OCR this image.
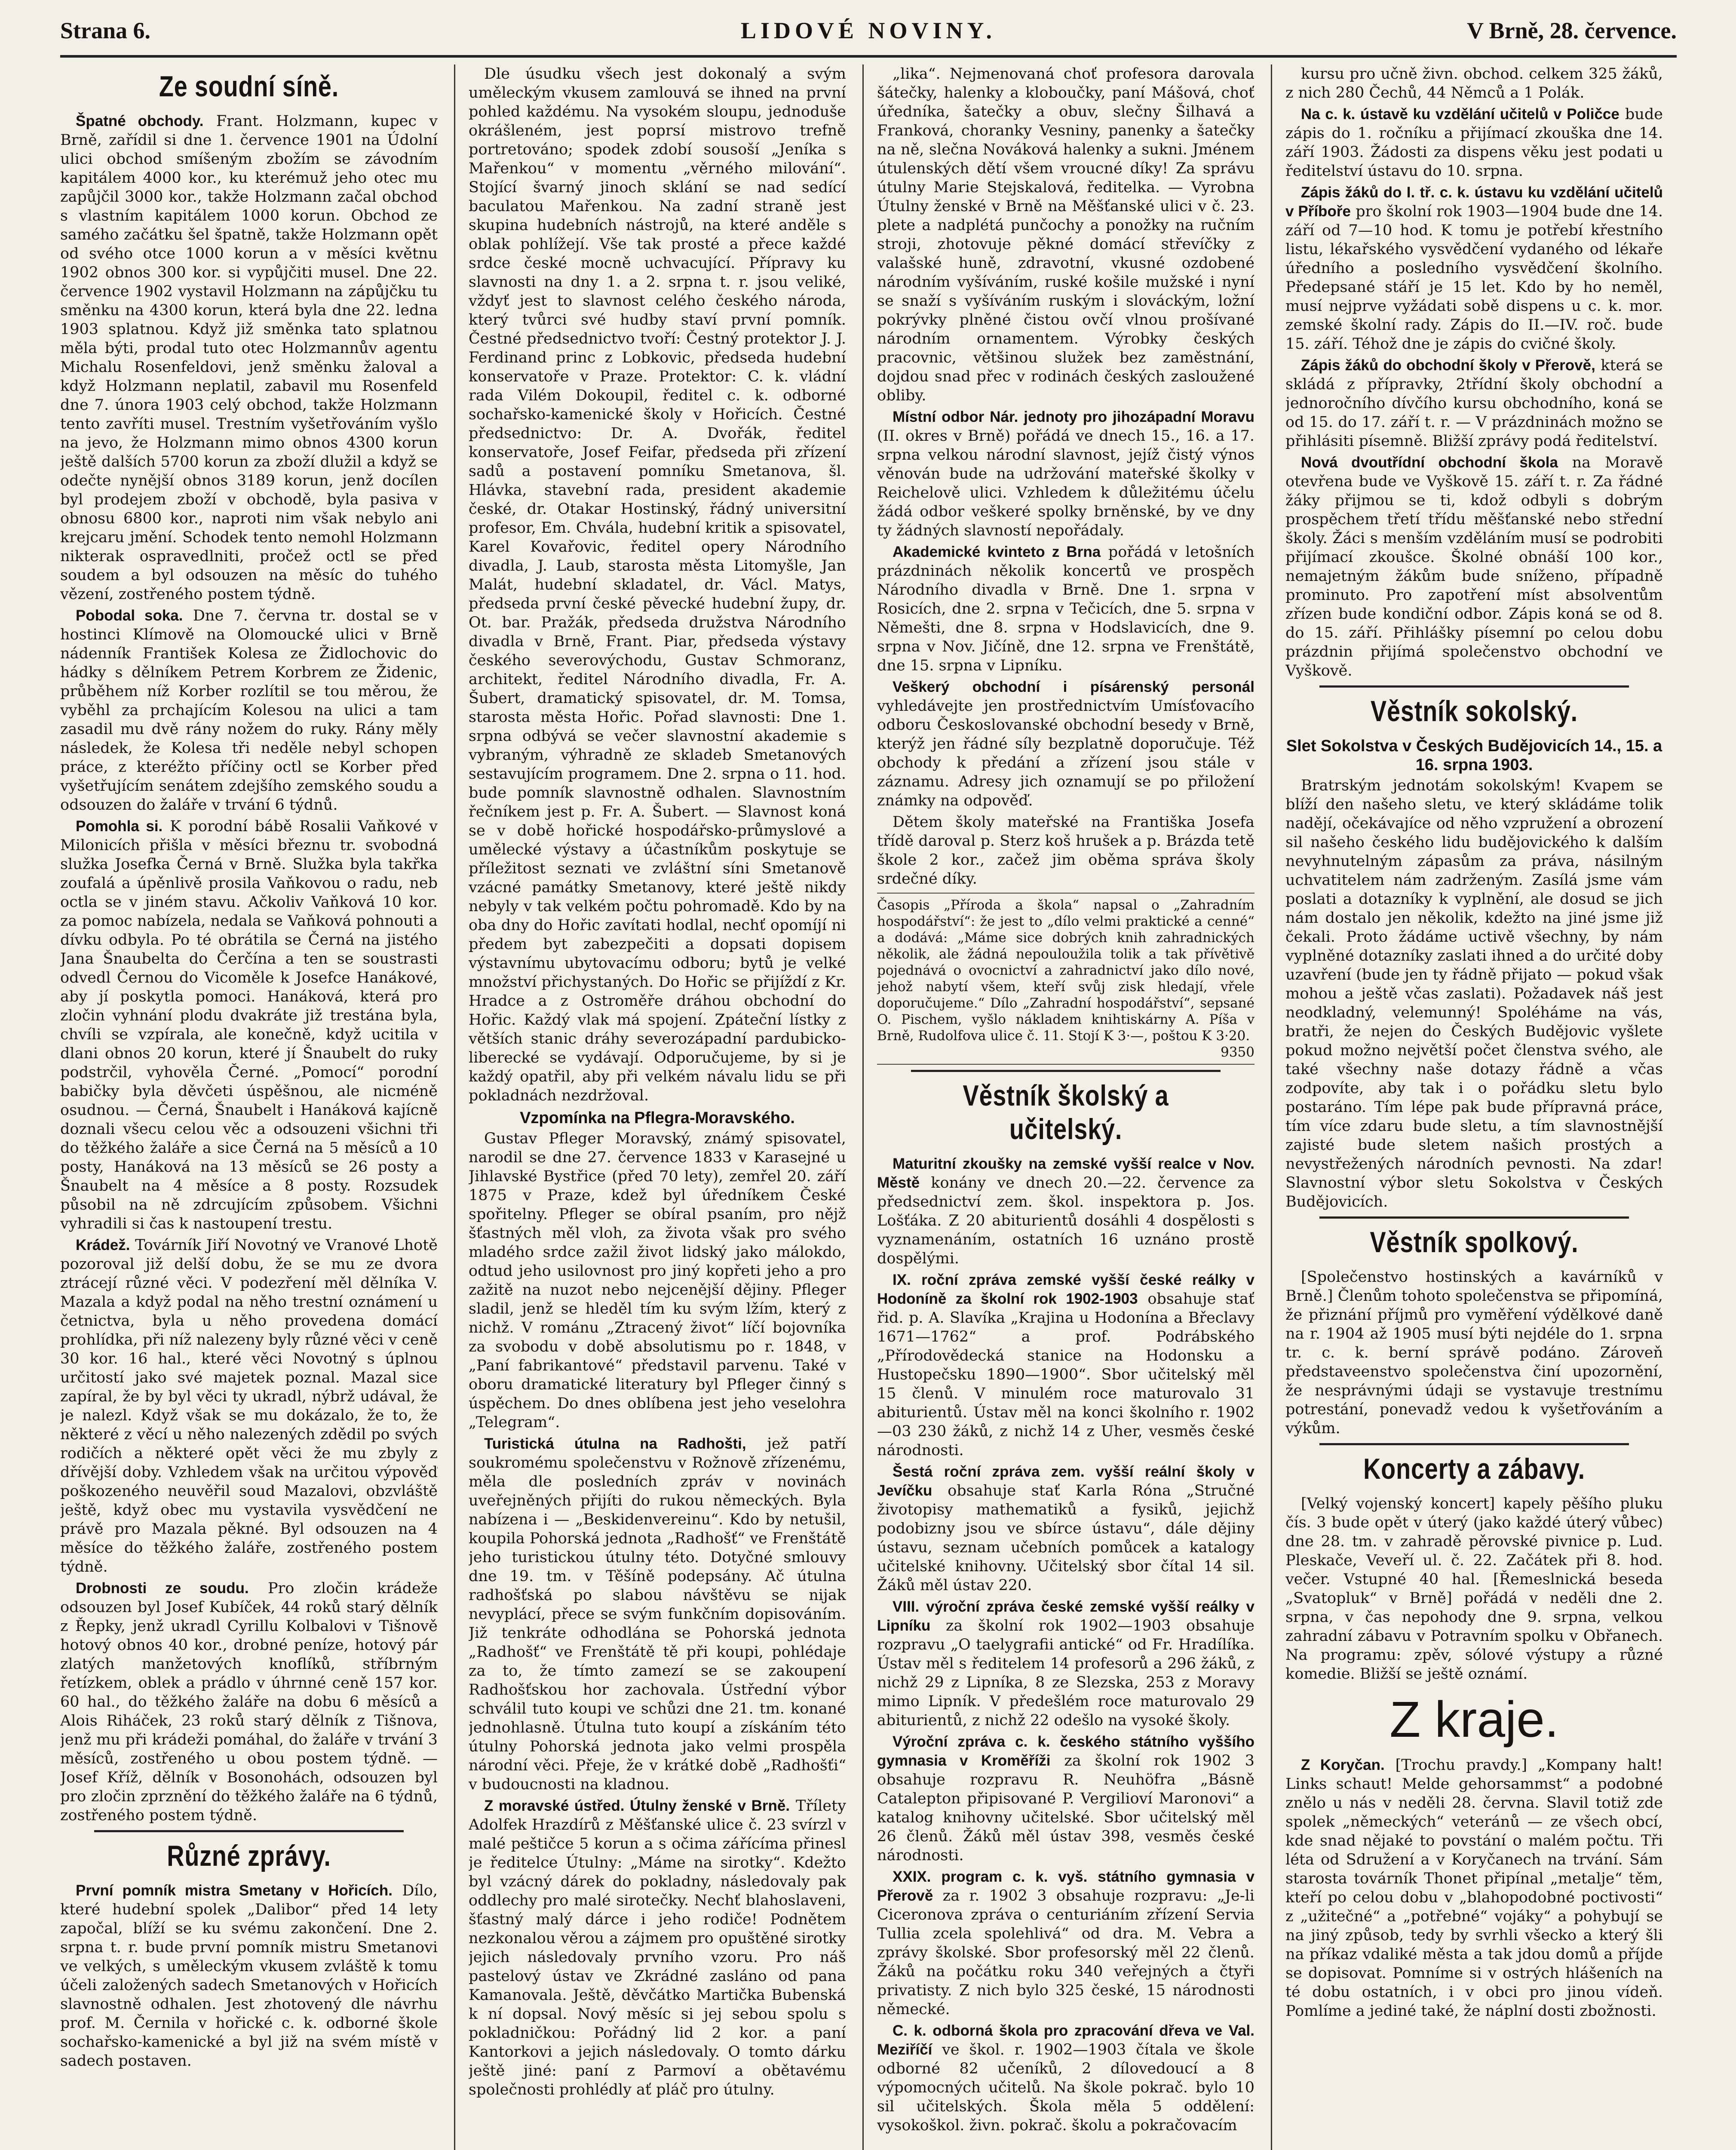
Strana 6.	LIDOVÉ NOVINY.	V Brně, 28. července.
Ze soudní síně.

Špatné obchody. Frant. Holzmann, kupec v Brně, zařídil si dne 1. července 1901 na Údolní ulici obchod smíšeným zbožím se závodním kapitálem 4000 kor., ku kterémuž jeho otec mu zapůjčil 3000 kor., takže Holzmann začal obchod s vlastním kapitálem 1000 korun. Obchod ze samého začátku šel špatně, takže Holzmann opět od svého otce 1000 korun a v měsíci květnu 1902 obnos 300 kor. si vypůjčiti musel. Dne 22. července 1902 vystavil Holzmann na zápůjčku tu směnku na 4300 korun, která byla dne 22. ledna 1903 splatnou. Když již směnka tato splatnou měla býti, prodal tuto otec Holzmannův agentu Michalu Rosenfeldovi, jenž směnku žaloval a když Holzmann neplatil, zabavil mu Rosenfeld dne 7. února 1903 celý obchod, takže Holzmann tento zavříti musel. Trestním vyšetřováním vyšlo na jevo, že Holzmann mimo obnos 4300 korun ještě dalších 5700 korun za zboží dlužil a když se odečte nynější obnos 3189 korun, jenž docílen byl prodejem zboží v obchodě, byla pasiva v obnosu 6800 kor., naproti nim však nebylo ani krejcaru jmění. Schodek tento nemohl Holzmann nikterak ospravedlniti, pročež octl se před soudem a byl odsouzen na měsíc do tuhého vězení, zostřeného postem týdně.

Pobodal soka. Dne 7. června tr. dostal se v hostinci Klímově na Olomoucké ulici v Brně nádenník František Kolesa ze Židlochovic do hádky s dělníkem Petrem Korbrem ze Židenic, průběhem níž Korber rozlítil se tou měrou, že vyběhl za prchajícím Kolesou na ulici a tam zasadil mu dvě rány nožem do ruky. Rány měly následek, že Kolesa tři neděle nebyl schopen práce, z kteréžto příčiny octl se Korber před vyšetřujícím senátem zdejšího zemského soudu a odsouzen do žaláře v trvání 6 týdnů.

Pomohla si. K porodní bábě Rosalii Vaňkové v Milonicích přišla v měsíci březnu tr. svobodná služka Josefka Černá v Brně. Služka byla takřka zoufalá a úpěnlivě prosila Vaňkovou o radu, neb octla se v jiném stavu. Ačkoliv Vaňková 10 kor. za pomoc nabízela, nedala se Vaňková pohnouti a dívku odbyla. Po té obrátila se Černá na jistého Jana Šnaubelta do Čerčína a ten se soustrasti odvedl Černou do Vicoměle k Josefce Hanákové, aby jí poskytla pomoci. Hanáková, která pro zločin vyhnání plodu dvakráte již trestána byla, chvíli se vzpírala, ale konečně, když ucitila v dlani obnos 20 korun, které jí Šnaubelt do ruky podstrčil, vyhověla Černé. „Pomocí“ porodní babičky byla děvčeti úspěšnou, ale nicméně osudnou. — Černá, Šnaubelt i Hanáková kajícně doznali všecu celou věc a odsouzeni všichni tři do těžkého žaláře a sice Černá na 5 měsíců a 10 posty, Hanáková na 13 měsíců se 26 posty a Šnaubelt na 4 měsíce a 8 posty. Rozsudek působil na ně zdrcujícím způsobem. Všichni vyhradili si čas k nastoupení trestu.

Krádež. Továrník Jiří Novotný ve Vranové Lhotě pozoroval již delší dobu, že se mu ze dvora ztrácejí různé věci. V podezření měl dělníka V. Mazala a když podal na něho trestní oznámení u četnictva, byla u něho provedena domácí prohlídka, při níž nalezeny byly různé věci v ceně 30 kor. 16 hal., které věci Novotný s úplnou určitostí jako své majetek poznal. Mazal sice zapíral, že by byl věci ty ukradl, nýbrž udával, že je nalezl. Když však se mu dokázalo, že to, že některé z věcí u něho nalezených zdědil po svých rodičích a některé opět věci že mu zbyly z dřívější doby. Vzhledem však na určitou výpověď poškozeného neuvěřil soud Mazalovi, obzvláště ještě, když obec mu vystavila vysvědčení ne právě pro Mazala pěkné. Byl odsouzen na 4 měsíce do těžkého žaláře, zostřeného postem týdně.

Drobnosti ze soudu. Pro zločin krádeže odsouzen byl Josef Kubíček, 44 roků starý dělník z Řepky, jenž ukradl Cyrillu Kolbalovi v Tišnově hotový obnos 40 kor., drobné peníze, hotový pár zlatých manžetových knoflíků, stříbrným řetízkem, oblek a prádlo v úhrnné ceně 157 kor. 60 hal., do těžkého žaláře na dobu 6 měsíců a Alois Riháček, 23 roků starý dělník z Tišnova, jenž mu při krádeži pomáhal, do žaláře v trvání 3 měsíců, zostřeného u obou postem týdně. — Josef Kříž, dělník v Bosonohách, odsouzen byl pro zločin zprznění do těžkého žaláře na 6 týdnů, zostřeného postem týdně.

Různé zprávy.

První pomník mistra Smetany v Hořicích. Dílo, které hudební spolek „Dalibor“ před 14 lety započal, blíží se ku svému zakončení. Dne 2. srpna t. r. bude první pomník mistru Smetanovi ve velkých, s uměleckým vkusem zvláště k tomu účeli založených sadech Smetanových v Hořicích slavnostně odhalen. Jest zhotovený dle návrhu prof. M. Černila v hořické c. k. odborné škole sochařsko-kamenické a byl již na svém místě v sadech postaven.

Dle úsudku všech jest dokonalý a svým uměleckým vkusem zamlouvá se ihned na první pohled každému. Na vysokém sloupu, jednoduše okrášleném, jest poprsí mistrovo trefně portretováno; spodek zdobí sousoší „Jeníka s Mařenkou“ v momentu „věrného milování“. Stojící švarný jinoch sklání se nad sedící baculatou Mařenkou. Na zadní straně jest skupina hudebních nástrojů, na které anděle s oblak pohlížejí. Vše tak prosté a přece každé srdce české mocně uchvacující. Přípravy ku slavnosti na dny 1. a 2. srpna t. r. jsou veliké, vždyť jest to slavnost celého českého národa, který tvůrci své hudby staví první pomník. Čestné předsednictvo tvoří: Čestný protektor J. J. Ferdinand princ z Lobkovic, předseda hudební konservatoře v Praze. Protektor: C. k. vládní rada Vilém Dokoupil, ředitel c. k. odborné sochařsko-kamenické školy v Hořicích. Čestné předsednictvo: Dr. A. Dvořák, ředitel konservatoře, Josef Feifar, předseda při zřízení sadů a postavení pomníku Smetanova, šl. Hlávka, stavební rada, president akademie české, dr. Otakar Hostinský, řádný universitní profesor, Em. Chvála, hudební kritik a spisovatel, Karel Kovařovic, ředitel opery Národního divadla, J. Laub, starosta města Litomyšle, Jan Malát, hudební skladatel, dr. Václ. Matys, předseda první české pěvecké hudební župy, dr. Ot. bar. Pražák, předseda družstva Národního divadla v Brně, Frant. Piar, předseda výstavy českého severovýchodu, Gustav Schmoranz, architekt, ředitel Národního divadla, Fr. A. Šubert, dramatický spisovatel, dr. M. Tomsa, starosta města Hořic. Pořad slavnosti: Dne 1. srpna odbývá se večer slavnostní akademie s vybraným, výhradně ze skladeb Smetanových sestavujícím programem. Dne 2. srpna o 11. hod. bude pomník slavnostně odhalen. Slavnostním řečníkem jest p. Fr. A. Šubert. — Slavnost koná se v době hořické hospodářsko-průmyslové a umělecké výstavy a účastníkům poskytuje se příležitost seznati ve zvláštní síni Smetanově vzácné památky Smetanovy, které ještě nikdy nebyly v tak velkém počtu pohromadě. Kdo by na oba dny do Hořic zavítati hodlal, nechť opomíjí ni předem byt zabezpečiti a dopsati dopisem výstavnímu ubytovacímu odboru; bytů je velké množství přichystaných. Do Hořic se přijíždí z Kr. Hradce a z Ostroměře dráhou obchodní do Hořic. Každý vlak má spojení. Zpáteční lístky z větších stanic dráhy severozápadní pardubicko-liberecké se vydávají. Odporučujeme, by si je každý opatřil, aby při velkém návalu lidu se při pokladnách nezdržoval.

Vzpomínka na Pflegra-Moravského.

Gustav Pfleger Moravský, známý spisovatel, narodil se dne 27. července 1833 v Karasejné u Jihlavské Bystřice (před 70 lety), zemřel 20. září 1875 v Praze, kdež byl úředníkem České spořitelny. Pfleger se obíral psaním, pro nějž šťastných měl vloh, za života však pro svého mladého srdce zažil život lidský jako málokdo, odtud jeho usilovnost pro jiný kopřeti jeho a pro zažitě na nuzot nebo nejcenější dějiny. Pfleger sladil, jenž se hleděl tím ku svým lžím, který z nichž. V románu „Ztracený život“ líčí bojovníka za svobodu v době absolutismu po r. 1848, v „Paní fabrikantové“ představil parvenu. Také v oboru dramatické literatury byl Pfleger činný s úspěchem. Do dnes oblíbena jest jeho veselohra „Telegram“.

Turistická útulna na Radhošti, jež patří soukromému společenstvu v Rožnově zřízenému, měla dle posledních zpráv v novinách uveřejněných přijíti do rukou německých. Byla nabízena i — „Beskidenvereinu“. Kdo by netušil, koupila Pohorská jednota „Radhošť“ ve Frenštátě jeho turistickou útulny této. Dotyčné smlouvy dne 19. tm. v Těšíně podepsány. Ač útulna radhošťská po slabou návštěvu se nijak nevyplácí, přece se svým funkčním dopisováním. Již tenkráte odhodlána se Pohorská jednota „Radhošť“ ve Frenštátě tě při koupi, pohlédaje za to, že tímto zamezí se se zakoupení Radhošťskou hor zachovala. Ústřední výbor schválil tuto koupi ve schůzi dne 21. tm. konané jednohlasně. Útulna tuto koupí a získáním této útulny Pohorská jednota jako velmi prospěla národní věci. Přeje, že v krátké době „Radhošťi“ v budoucnosti na kladnou.

Z moravské ústřed. Útulny ženské v Brně. Třílety Adolfek Hrazdírů z Měšťanské ulice č. 23 svírzl v malé peštičce 5 korun a s očima zářícíma přinesl je ředitelce Útulny: „Máme na sirotky“. Kdežto byl vzácný dárek do pokladny, následovaly pak oddlechy pro malé sirotečky. Nechť blahoslaveni, šťastný malý dárce i jeho rodiče! Podnětem nezkonalou věrou a zájmem pro opuštěné sirotky jejich následovaly prvního vzoru. Pro náš pastelový ústav ve Zkrádné zasláno od pana Kamanovala. Ještě, děvčátko Martička Bubenská k ní dopsal. Nový měsíc si jej sebou spolu s pokladničkou: Pořádný lid 2 kor. a paní Kantorkovi a jejich následovaly. O tomto dárku ještě jiné: paní z Parmoví a obětavému společnosti prohlédly ať pláč pro útulny.

„lika“. Nejmenovaná choť profesora darovala šátečky, halenky a kloboučky, paní Mášová, choť úředníka, šatečky a obuv, slečny Šilhavá a Franková, choranky Vesniny, panenky a šatečky na ně, slečna Nováková halenky a sukni. Jménem útulenských dětí všem vroucné díky! Za správu útulny Marie Stejskalová, ředitelka. — Vyrobna Útulny ženské v Brně na Měšťanské ulici v č. 23. plete a nadplétá punčochy a ponožky na ručním stroji, zhotovuje pěkné domácí střevíčky z valašské huně, zdravotní, vkusné ozdobené národním vyšíváním, ruské košile mužské i nyní se snaží s vyšíváním ruským i slováckým, ložní pokrývky plněné čistou ovčí vlnou prošívané národním ornamentem. Výrobky českých pracovnic, většinou služek bez zaměstnání, dojdou snad přec v rodinách českých zasloužené obliby.

Místní odbor Nár. jednoty pro jihozápadní Moravu (II. okres v Brně) pořádá ve dnech 15., 16. a 17. srpna velkou národní slavnost, jejíž čistý výnos věnován bude na udržování mateřské školky v Reichelově ulici. Vzhledem k důležitému účelu žádá odbor veškeré spolky brněnské, by ve dny ty žádných slavností nepořádaly.

Akademické kvinteto z Brna pořádá v letošních prázdninách několik koncertů ve prospěch Národního divadla v Brně. Dne 1. srpna v Rosicích, dne 2. srpna v Tečicích, dne 5. srpna v Němešti, dne 8. srpna v Hodslavicích, dne 9. srpna v Nov. Jičíně, dne 12. srpna ve Frenštátě, dne 15. srpna v Lipníku.

Veškerý obchodní i písárenský personál vyhledávejte jen prostřednictvím Umísťovacího odboru Českoslovanské obchodní besedy v Brně, kterýž jen řádné síly bezplatně doporučuje. Též obchody k předání a zřízení jsou stále v záznamu. Adresy jich oznamují se po přiložení známky na odpověď.

Dětem školy mateřské na Františka Josefa třídě daroval p. Sterz koš hrušek a p. Brázda tetě škole 2 kor., začež jim oběma správa školy srdečné díky.

Časopis „Příroda a škola“ napsal o „Zahradním hospodářství“: že jest to „dílo velmi praktické a cenné“ a dodává: „Máme sice dobrých knih zahradnických několik, ale žádná nepouloužila tolik a tak přívětivě pojednává o ovocnictví a zahradnictví jako dílo nové, jehož nabytí všem, kteří svůj zisk hledají, vřele doporučujeme.“ Dílo „Zahradní hospodářství“, sepsané O. Pischem, vyšlo nákladem knihtiskárny A. Píša v Brně, Rudolfova ulice č. 11. Stojí K 3·—, poštou K 3·20.
9350
Věstník školský a učitelský.

Maturitní zkoušky na zemské vyšší realce v Nov. Městě konány ve dnech 20.—22. července za předsednictví zem. škol. inspektora p. Jos. Lošťáka. Z 20 abiturientů dosáhli 4 dospělosti s vyznamenáním, ostatních 16 uznáno prostě dospělými.

IX. roční zpráva zemské vyšší české reálky v Hodoníně za školní rok 1902-1903 obsahuje stať řid. p. A. Slavíka „Krajina u Hodonína a Břeclavy 1671—1762“ a prof. Podrábského „Přírodovědecká stanice na Hodonsku a Hustopečsku 1890—1900“. Sbor učitelský měl 15 členů. V minulém roce maturovalo 31 abiturientů. Ústav měl na konci školního r. 1902—03 230 žáků, z nichž 14 z Uher, vesměs české národnosti.

Šestá roční zpráva zem. vyšší reální školy v Jevíčku obsahuje stať Karla Róna „Stručné životopisy mathematiků a fysiků, jejichž podobizny jsou ve sbírce ústavu“, dále dějiny ústavu, seznam učebních pomůcek a katalogy učitelské knihovny. Učitelský sbor čítal 14 sil. Žáků měl ústav 220.

VIII. výroční zpráva české zemské vyšší reálky v Lipníku za školní rok 1902—1903 obsahuje rozpravu „O taelygrafii antické“ od Fr. Hradílíka. Ústav měl s ředitelem 14 profesorů a 296 žáků, z nichž 29 z Lipníka, 8 ze Slezska, 253 z Moravy mimo Lipník. V předešlém roce maturovalo 29 abiturientů, z nichž 22 odešlo na vysoké školy.

Výroční zpráva c. k. českého státního vyššího gymnasia v Kroměříži za školní rok 1902 3 obsahuje rozpravu R. Neuhöfra „Básně Catalepton připisované P. Vergilioví Maronovi“ a katalog knihovny učitelské. Sbor učitelský měl 26 členů. Žáků měl ústav 398, vesměs české národnosti.

XXIX. program c. k. vyš. státního gymnasia v Přerově za r. 1902 3 obsahuje rozpravu: „Je-li Ciceronova zpráva o centuriáním zřízení Servia Tullia zcela spolehlivá“ od dra. M. Vebra a zprávy školské. Sbor profesorský měl 22 členů. Žáků na počátku roku 340 veřejných a čtyři privatisty. Z nich bylo 325 české, 15 národnosti německé.

C. k. odborná škola pro zpracování dřeva ve Val. Meziříčí ve škol. r. 1902—1903 čítala ve škole odborné 82 učeníků, 2 dílovedoucí a 8 výpomocných učitelů. Na škole pokrač. bylo 10 sil učitelských. Škola měla 5 oddělení: vysokoškol. živn. pokrač. školu a pokračovacím

kursu pro učně živn. obchod. celkem 325 žáků, z nich 280 Čechů, 44 Němců a 1 Polák.

Na c. k. ústavě ku vzdělání učitelů v Poličce bude zápis do 1. ročníku a přijímací zkouška dne 14. září 1903. Žádosti za dispens věku jest podati u ředitelství ústavu do 10. srpna.

Zápis žáků do I. tř. c. k. ústavu ku vzdělání učitelů v Příboře pro školní rok 1903—1904 bude dne 14. září od 7—10 hod. K tomu je potřebí křestního listu, lékařského vysvědčení vydaného od lékaře úředního a posledního vysvědčení školního. Předepsané stáří je 15 let. Kdo by ho neměl, musí nejprve vyžádati sobě dispens u c. k. mor. zemské školní rady. Zápis do II.—IV. roč. bude 15. září. Téhož dne je zápis do cvičné školy.

Zápis žáků do obchodní školy v Přerově, která se skládá z přípravky, 2třídní školy obchodní a jednoročního dívčího kursu obchodního, koná se od 15. do 17. září t. r. — V prázdninách možno se přihlásiti písemně. Bližší zprávy podá ředitelství.

Nová dvoutřídní obchodní škola na Moravě otevřena bude ve Vyškově 15. září t. r. Za řádné žáky přijmou se ti, kdož odbyli s dobrým prospěchem třetí třídu měšťanské nebo střední školy. Žáci s menším vzděláním musí se podrobiti přijímací zkoušce. Školné obnáší 100 kor., nemajetným žákům bude sníženo, případně prominuto. Pro zapotření míst absolventům zřízen bude kondiční odbor. Zápis koná se od 8. do 15. září. Přihlášky písemní po celou dobu prázdnin přijímá společenstvo obchodní ve Vyškově.

Věstník sokolský.
Slet Sokolstva v Českých Budějovicích 14., 15. a 16. srpna 1903.

Bratrským jednotám sokolským! Kvapem se blíží den našeho sletu, ve který skládáme tolik nadějí, očekávajíce od něho vzpružení a obrození sil našeho českého lidu budějovického k dalším nevyhnutelným zápasům za práva, násilným uchvatitelem nám zadrženým. Zasílá jsme vám poslati a dotazníky k vyplnění, ale dosud se jich nám dostalo jen několik, kdežto na jiné jsme již čekali. Proto žádáme uctivě všechny, by nám vyplněné dotazníky zaslati ihned a do určité doby uzavření (bude jen ty řádně přijato — pokud však mohou a ještě včas zaslati). Požadavek náš jest neodkladný, velemunný! Spoléháme na vás, bratři, že nejen do Českých Budějovic vyšlete pokud možno největší počet členstva svého, ale také všechny naše dotazy řádně a včas zodpovíte, aby tak i o pořádku sletu bylo postaráno. Tím lépe pak bude přípravná práce, tím více zdaru bude sletu, a tím slavnostnější zajisté bude sletem našich prostých a nevystřežených národních pevnosti. Na zdar! Slavnostní výbor sletu Sokolstva v Českých Budějovicích.

Věstník spolkový.

[Společenstvo hostinských a kavárníků v Brně.] Členům tohoto společenstva se připomíná, že přiznání příjmů pro vyměření výdělkové daně na r. 1904 až 1905 musí býti nejdéle do 1. srpna tr. c. k. berní správě podáno. Zároveň představeenstvo společenstva činí upozornění, že nesprávnými údaji se vystavuje trestnímu potrestání, ponevadž vedou k vyšetřováním a výkům.

Koncerty a zábavy.

[Velký vojenský koncert] kapely pěšího pluku čís. 3 bude opět v úterý (jako každé úterý vůbec) dne 28. tm. v zahradě pěrovské pivnice p. Lud. Pleskače, Veveří ul. č. 22. Začátek při 8. hod. večer. Vstupné 40 hal. [Řemeslnická beseda „Svatopluk“ v Brně] pořádá v neděli dne 2. srpna, v čas nepohody dne 9. srpna, velkou zahradní zábavu v Potravním spolku v Obřanech. Na programu: zpěv, sólové výstupy a různé komedie. Bližší se ještě oznámí.

Z kraje.

Z Koryčan. [Trochu pravdy.] „Kompany halt! Links schaut! Melde gehorsammst“ a podobné znělo u nás v neděli 28. června. Slavil totiž zde spolek „německých“ veteránů — ze všech obcí, kde snad nějaké to povstání o malém počtu. Tři léta od Sdružení a v Koryčanech na trvání. Sám starosta továrník Thonet připínal „metalje“ těm, kteří po celou dobu v „blahopodobné poctivosti“ z „užitečné“ a „potřebné“ vojáky“ a pohybují se na jiný způsob, tedy by svrhli všecko a který šli na příkaz vdaliké města a tak jdou domů a příjde se dopisovat. Pomníme si v ostrých hlášeních na té dobu ostatních, i v obci pro jinou vídeň. Pomlíme a jediné také, že náplní dosti zbožnosti.
